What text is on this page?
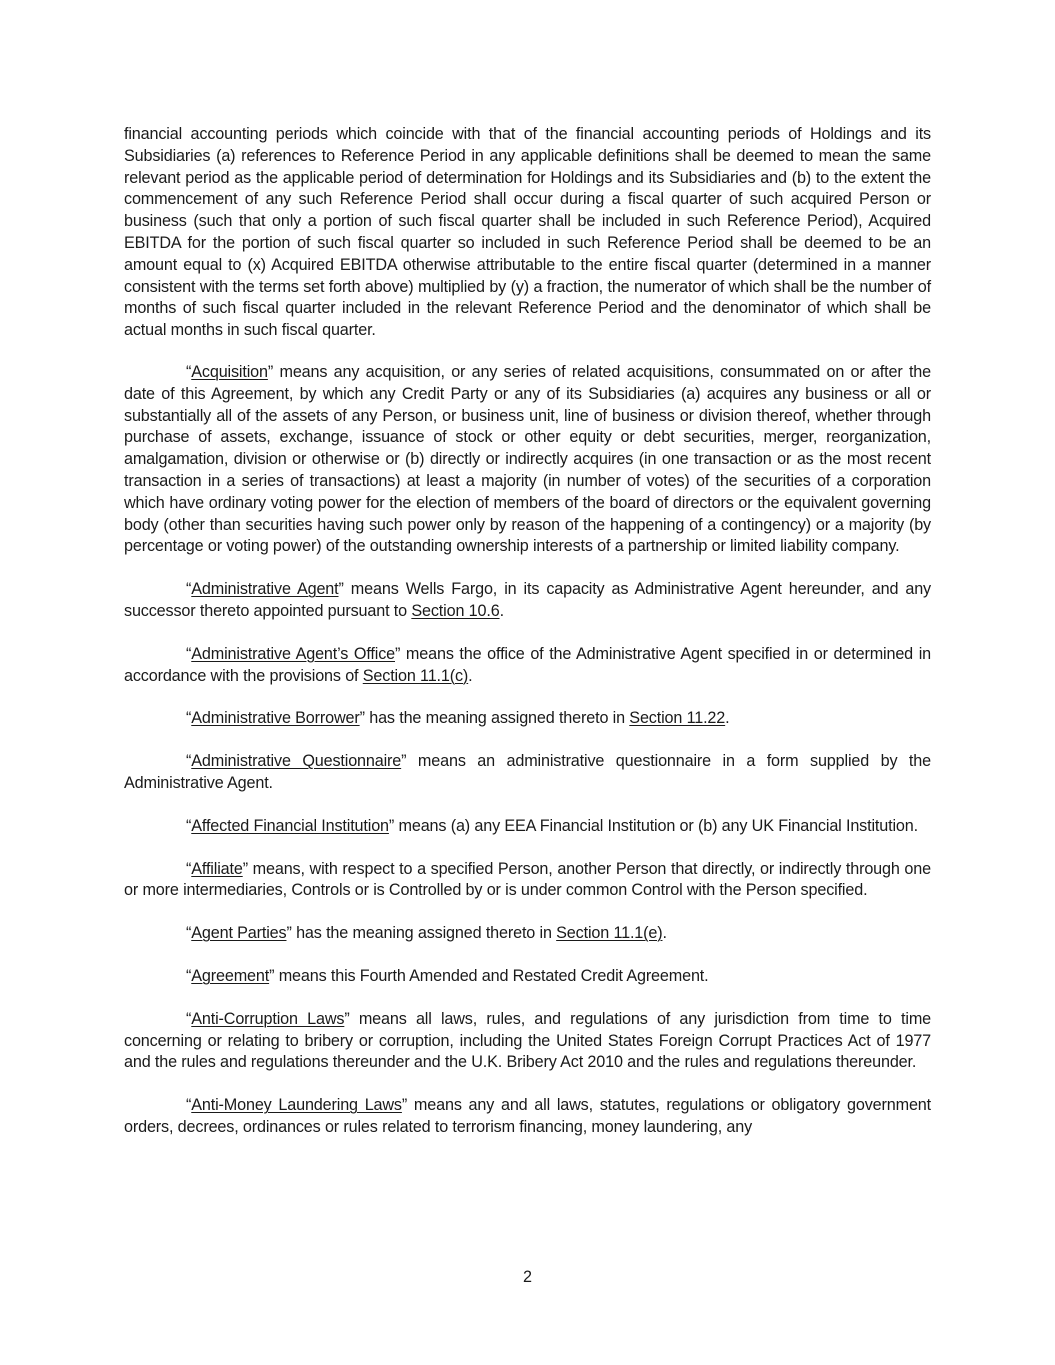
financial accounting periods which coincide with that of the financial accounting periods of Holdings and its Subsidiaries (a) references to Reference Period in any applicable definitions shall be deemed to mean the same relevant period as the applicable period of determination for Holdings and its Subsidiaries and (b) to the extent the commencement of any such Reference Period shall occur during a fiscal quarter of such acquired Person or business (such that only a portion of such fiscal quarter shall be included in such Reference Period), Acquired EBITDA for the portion of such fiscal quarter so included in such Reference Period shall be deemed to be an amount equal to (x) Acquired EBITDA otherwise attributable to the entire fiscal quarter (determined in a manner consistent with the terms set forth above) multiplied by (y) a fraction, the numerator of which shall be the number of months of such fiscal quarter included in the relevant Reference Period and the denominator of which shall be actual months in such fiscal quarter.

“Acquisition” means any acquisition, or any series of related acquisitions, consummated on or after the date of this Agreement, by which any Credit Party or any of its Subsidiaries (a) acquires any business or all or substantially all of the assets of any Person, or business unit, line of business or division thereof, whether through purchase of assets, exchange, issuance of stock or other equity or debt securities, merger, reorganization, amalgamation, division or otherwise or (b) directly or indirectly acquires (in one transaction or as the most recent transaction in a series of transactions) at least a majority (in number of votes) of the securities of a corporation which have ordinary voting power for the election of members of the board of directors or the equivalent governing body (other than securities having such power only by reason of the happening of a contingency) or a majority (by percentage or voting power) of the outstanding ownership interests of a partnership or limited liability company.

“Administrative Agent” means Wells Fargo, in its capacity as Administrative Agent hereunder, and any successor thereto appointed pursuant to Section 10.6.

“Administrative Agent’s Office” means the office of the Administrative Agent specified in or determined in accordance with the provisions of Section 11.1(c).

“Administrative Borrower” has the meaning assigned thereto in Section 11.22.

“Administrative Questionnaire” means an administrative questionnaire in a form supplied by the Administrative Agent.

“Affected Financial Institution” means (a) any EEA Financial Institution or (b) any UK Financial Institution.

“Affiliate” means, with respect to a specified Person, another Person that directly, or indirectly through one or more intermediaries, Controls or is Controlled by or is under common Control with the Person specified.

“Agent Parties” has the meaning assigned thereto in Section 11.1(e).

“Agreement” means this Fourth Amended and Restated Credit Agreement.

“Anti-Corruption Laws” means all laws, rules, and regulations of any jurisdiction from time to time concerning or relating to bribery or corruption, including the United States Foreign Corrupt Practices Act of 1977 and the rules and regulations thereunder and the U.K. Bribery Act 2010 and the rules and regulations thereunder.

“Anti-Money Laundering Laws” means any and all laws, statutes, regulations or obligatory government orders, decrees, ordinances or rules related to terrorism financing, money laundering, any

2
